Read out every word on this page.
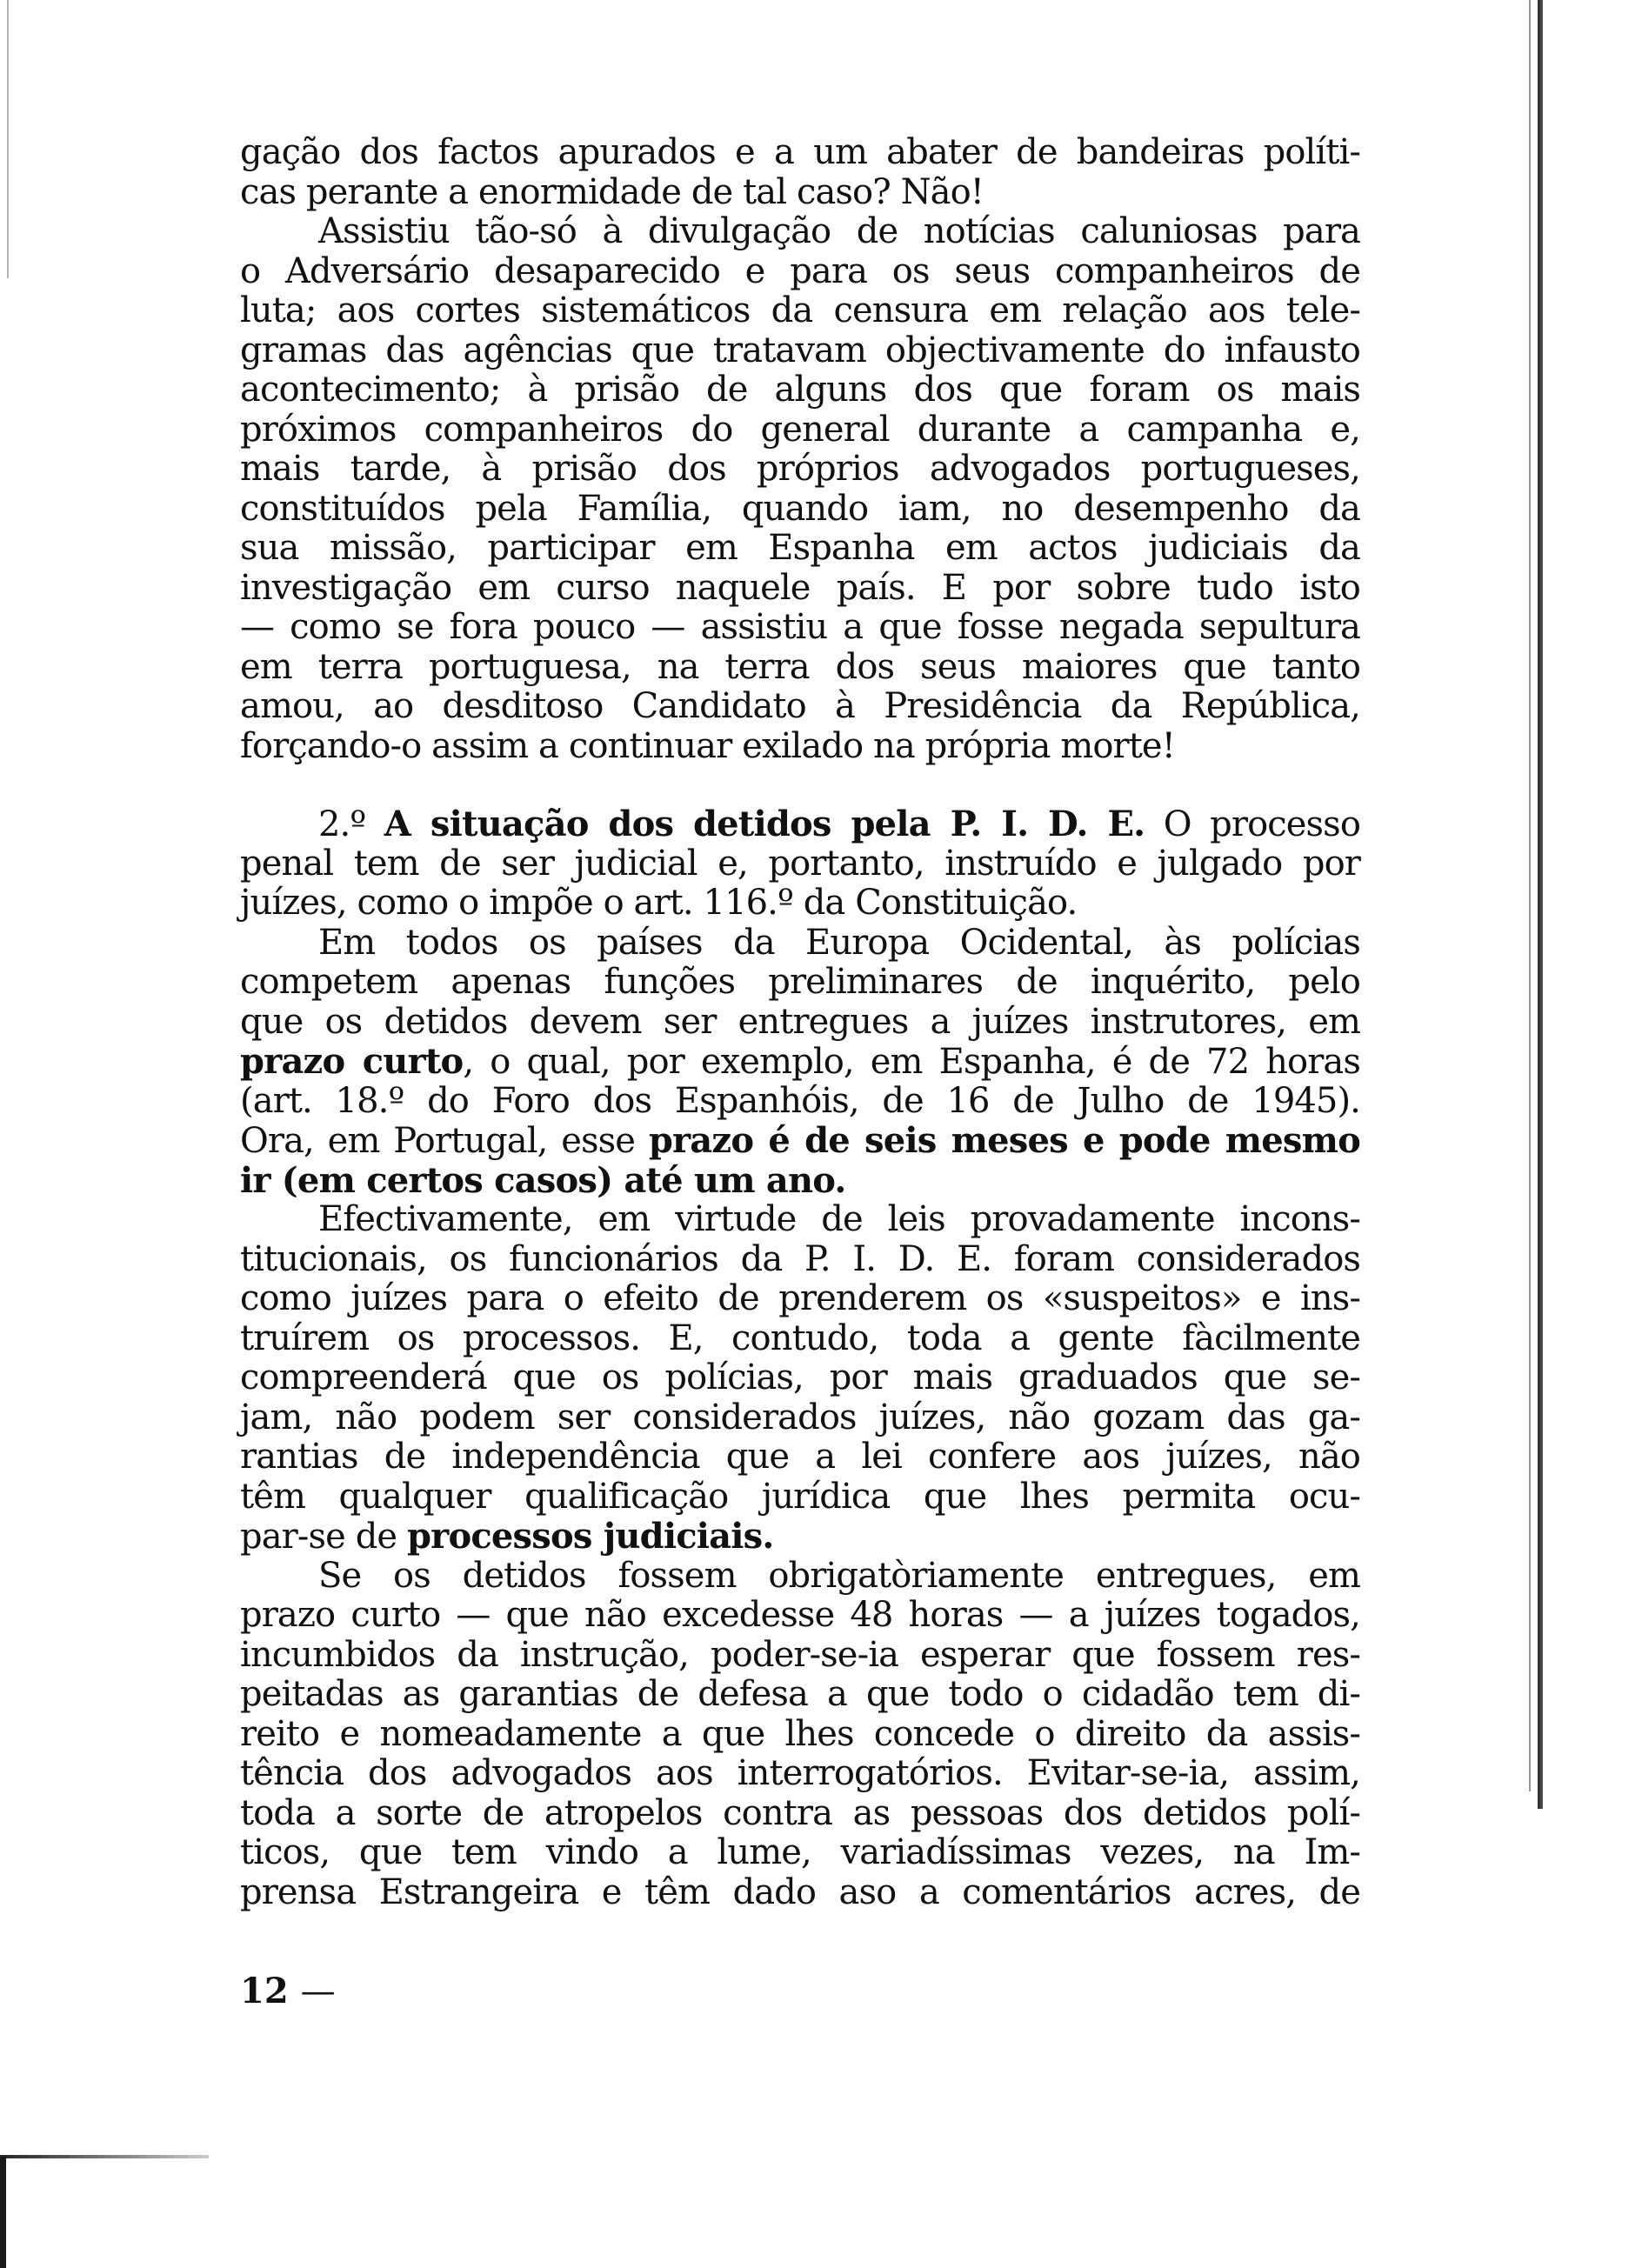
gação dos factos apurados e a um abater de bandeiras políti-
cas perante a enormidade de tal caso? Não!
Assistiu tão-só à divulgação de notícias caluniosas para
o Adversário desaparecido e para os seus companheiros de
luta; aos cortes sistemáticos da censura em relação aos tele-
gramas das agências que tratavam objectivamente do infausto
acontecimento; à prisão de alguns dos que foram os mais
próximos companheiros do general durante a campanha e,
mais tarde, à prisão dos próprios advogados portugueses,
constituídos pela Família, quando iam, no desempenho da
sua missão, participar em Espanha em actos judiciais da
investigação em curso naquele país. E por sobre tudo isto
— como se fora pouco — assistiu a que fosse negada sepultura
em terra portuguesa, na terra dos seus maiores que tanto
amou, ao desditoso Candidato à Presidência da República,
forçando-o assim a continuar exilado na própria morte!
2.º A situação dos detidos pela P. I. D. E. O processo
penal tem de ser judicial e, portanto, instruído e julgado por
juízes, como o impõe o art. 116.º da Constituição.
Em todos os países da Europa Ocidental, às polícias
competem apenas funções preliminares de inquérito, pelo
que os detidos devem ser entregues a juízes instrutores, em
prazo curto, o qual, por exemplo, em Espanha, é de 72 horas
(art. 18.º do Foro dos Espanhóis, de 16 de Julho de 1945).
Ora, em Portugal, esse prazo é de seis meses e pode mesmo
ir (em certos casos) até um ano.
Efectivamente, em virtude de leis provadamente incons-
titucionais, os funcionários da P. I. D. E. foram considerados
como juízes para o efeito de prenderem os «suspeitos» e ins-
truírem os processos. E, contudo, toda a gente fàcilmente
compreenderá que os polícias, por mais graduados que se-
jam, não podem ser considerados juízes, não gozam das ga-
rantias de independência que a lei confere aos juízes, não
têm qualquer qualificação jurídica que lhes permita ocu-
par-se de processos judiciais.
Se os detidos fossem obrigatòriamente entregues, em
prazo curto — que não excedesse 48 horas — a juízes togados,
incumbidos da instrução, poder-se-ia esperar que fossem res-
peitadas as garantias de defesa a que todo o cidadão tem di-
reito e nomeadamente a que lhes concede o direito da assis-
tência dos advogados aos interrogatórios. Evitar-se-ia, assim,
toda a sorte de atropelos contra as pessoas dos detidos polí-
ticos, que tem vindo a lume, variadíssimas vezes, na Im-
prensa Estrangeira e têm dado aso a comentários acres, de
12 —
